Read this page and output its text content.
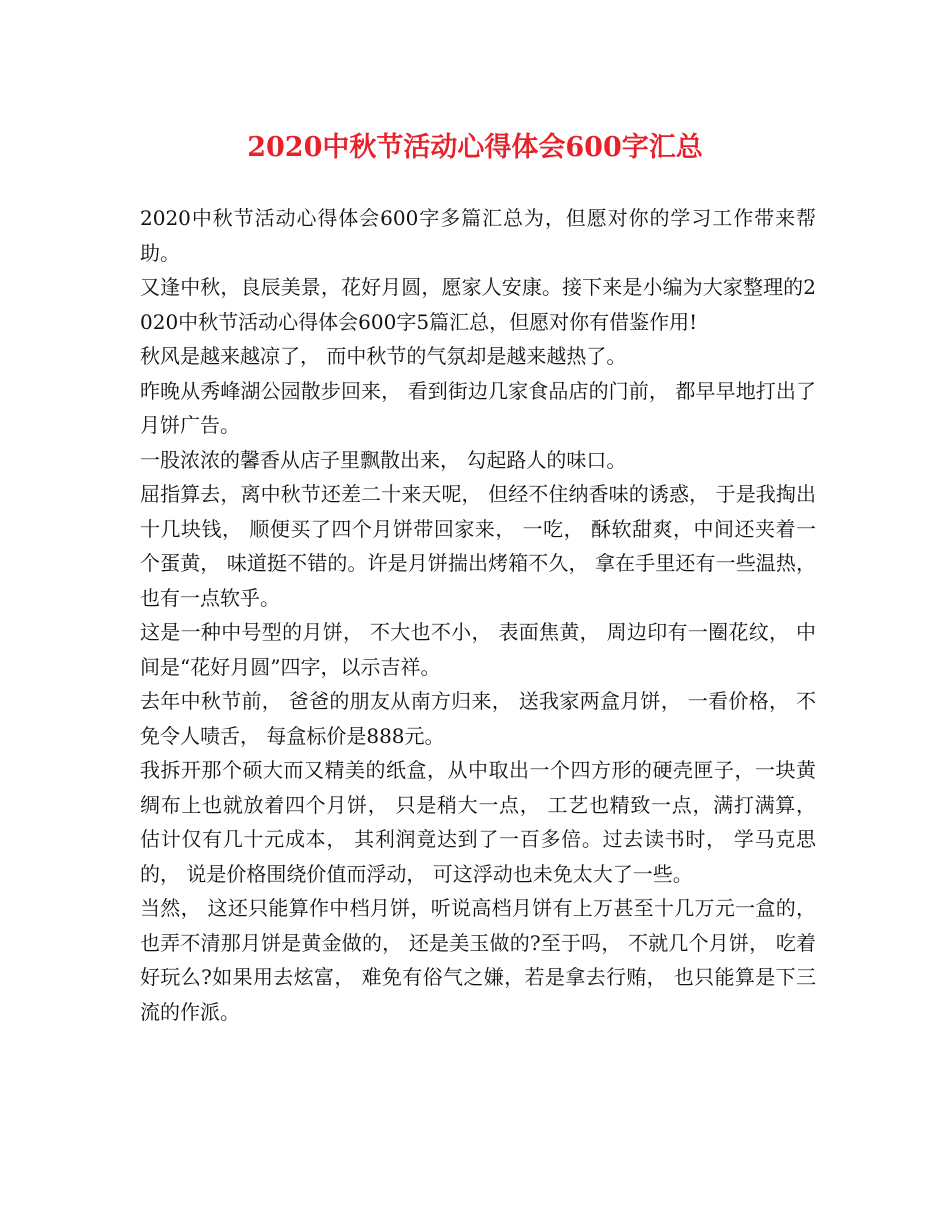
2020中秋节活动心得体会600字汇总

2020中秋节活动心得体会600字多篇汇总为，但愿对你的学习工作带来帮助。

又逢中秋，良辰美景，花好月圆，愿家人安康。接下来是小编为大家整理的2020中秋节活动心得体会600字5篇汇总，但愿对你有借鉴作用!

秋风是越来越凉了， 而中秋节的气氛却是越来越热了。

昨晚从秀峰湖公园散步回来， 看到街边几家食品店的门前， 都早早地打出了月饼广告。

一股浓浓的馨香从店子里飘散出来， 勾起路人的味口。

屈指算去，离中秋节还差二十来天呢， 但经不住纳香味的诱惑， 于是我掏出十几块钱， 顺便买了四个月饼带回家来， 一吃， 酥软甜爽，中间还夹着一个蛋黄， 味道挺不错的。许是月饼揣出烤箱不久， 拿在手里还有一些温热， 也有一点软乎。

这是一种中号型的月饼， 不大也不小， 表面焦黄， 周边印有一圈花纹， 中间是“花好月圆”四字，以示吉祥。

去年中秋节前， 爸爸的朋友从南方归来， 送我家两盒月饼， 一看价格， 不免令人啧舌， 每盒标价是888元。

我拆开那个硕大而又精美的纸盒，从中取出一个四方形的硬壳匣子，一块黄绸布上也就放着四个月饼， 只是稍大一点， 工艺也精致一点，满打满算， 估计仅有几十元成本， 其利润竟达到了一百多倍。过去读书时， 学马克思的， 说是价格围绕价值而浮动， 可这浮动也未免太大了一些。

当然， 这还只能算作中档月饼，听说高档月饼有上万甚至十几万元一盒的， 也弄不清那月饼是黄金做的， 还是美玉做的?至于吗， 不就几个月饼， 吃着好玩么?如果用去炫富， 难免有俗气之嫌，若是拿去行贿， 也只能算是下三流的作派。
